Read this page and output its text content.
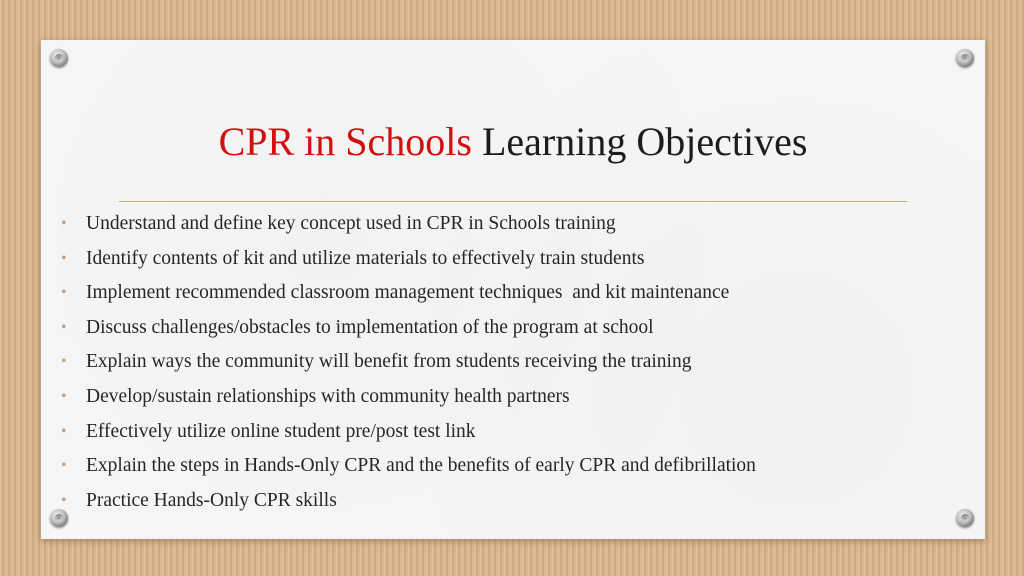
CPR in Schools Learning Objectives
• Understand and define key concept used in CPR in Schools training
• Identify contents of kit and utilize materials to effectively train students
• Implement recommended classroom management techniques  and kit maintenance
• Discuss challenges/obstacles to implementation of the program at school
• Explain ways the community will benefit from students receiving the training
• Develop/sustain relationships with community health partners
• Effectively utilize online student pre/post test link
• Explain the steps in Hands-Only CPR and the benefits of early CPR and defibrillation
• Practice Hands-Only CPR skills
